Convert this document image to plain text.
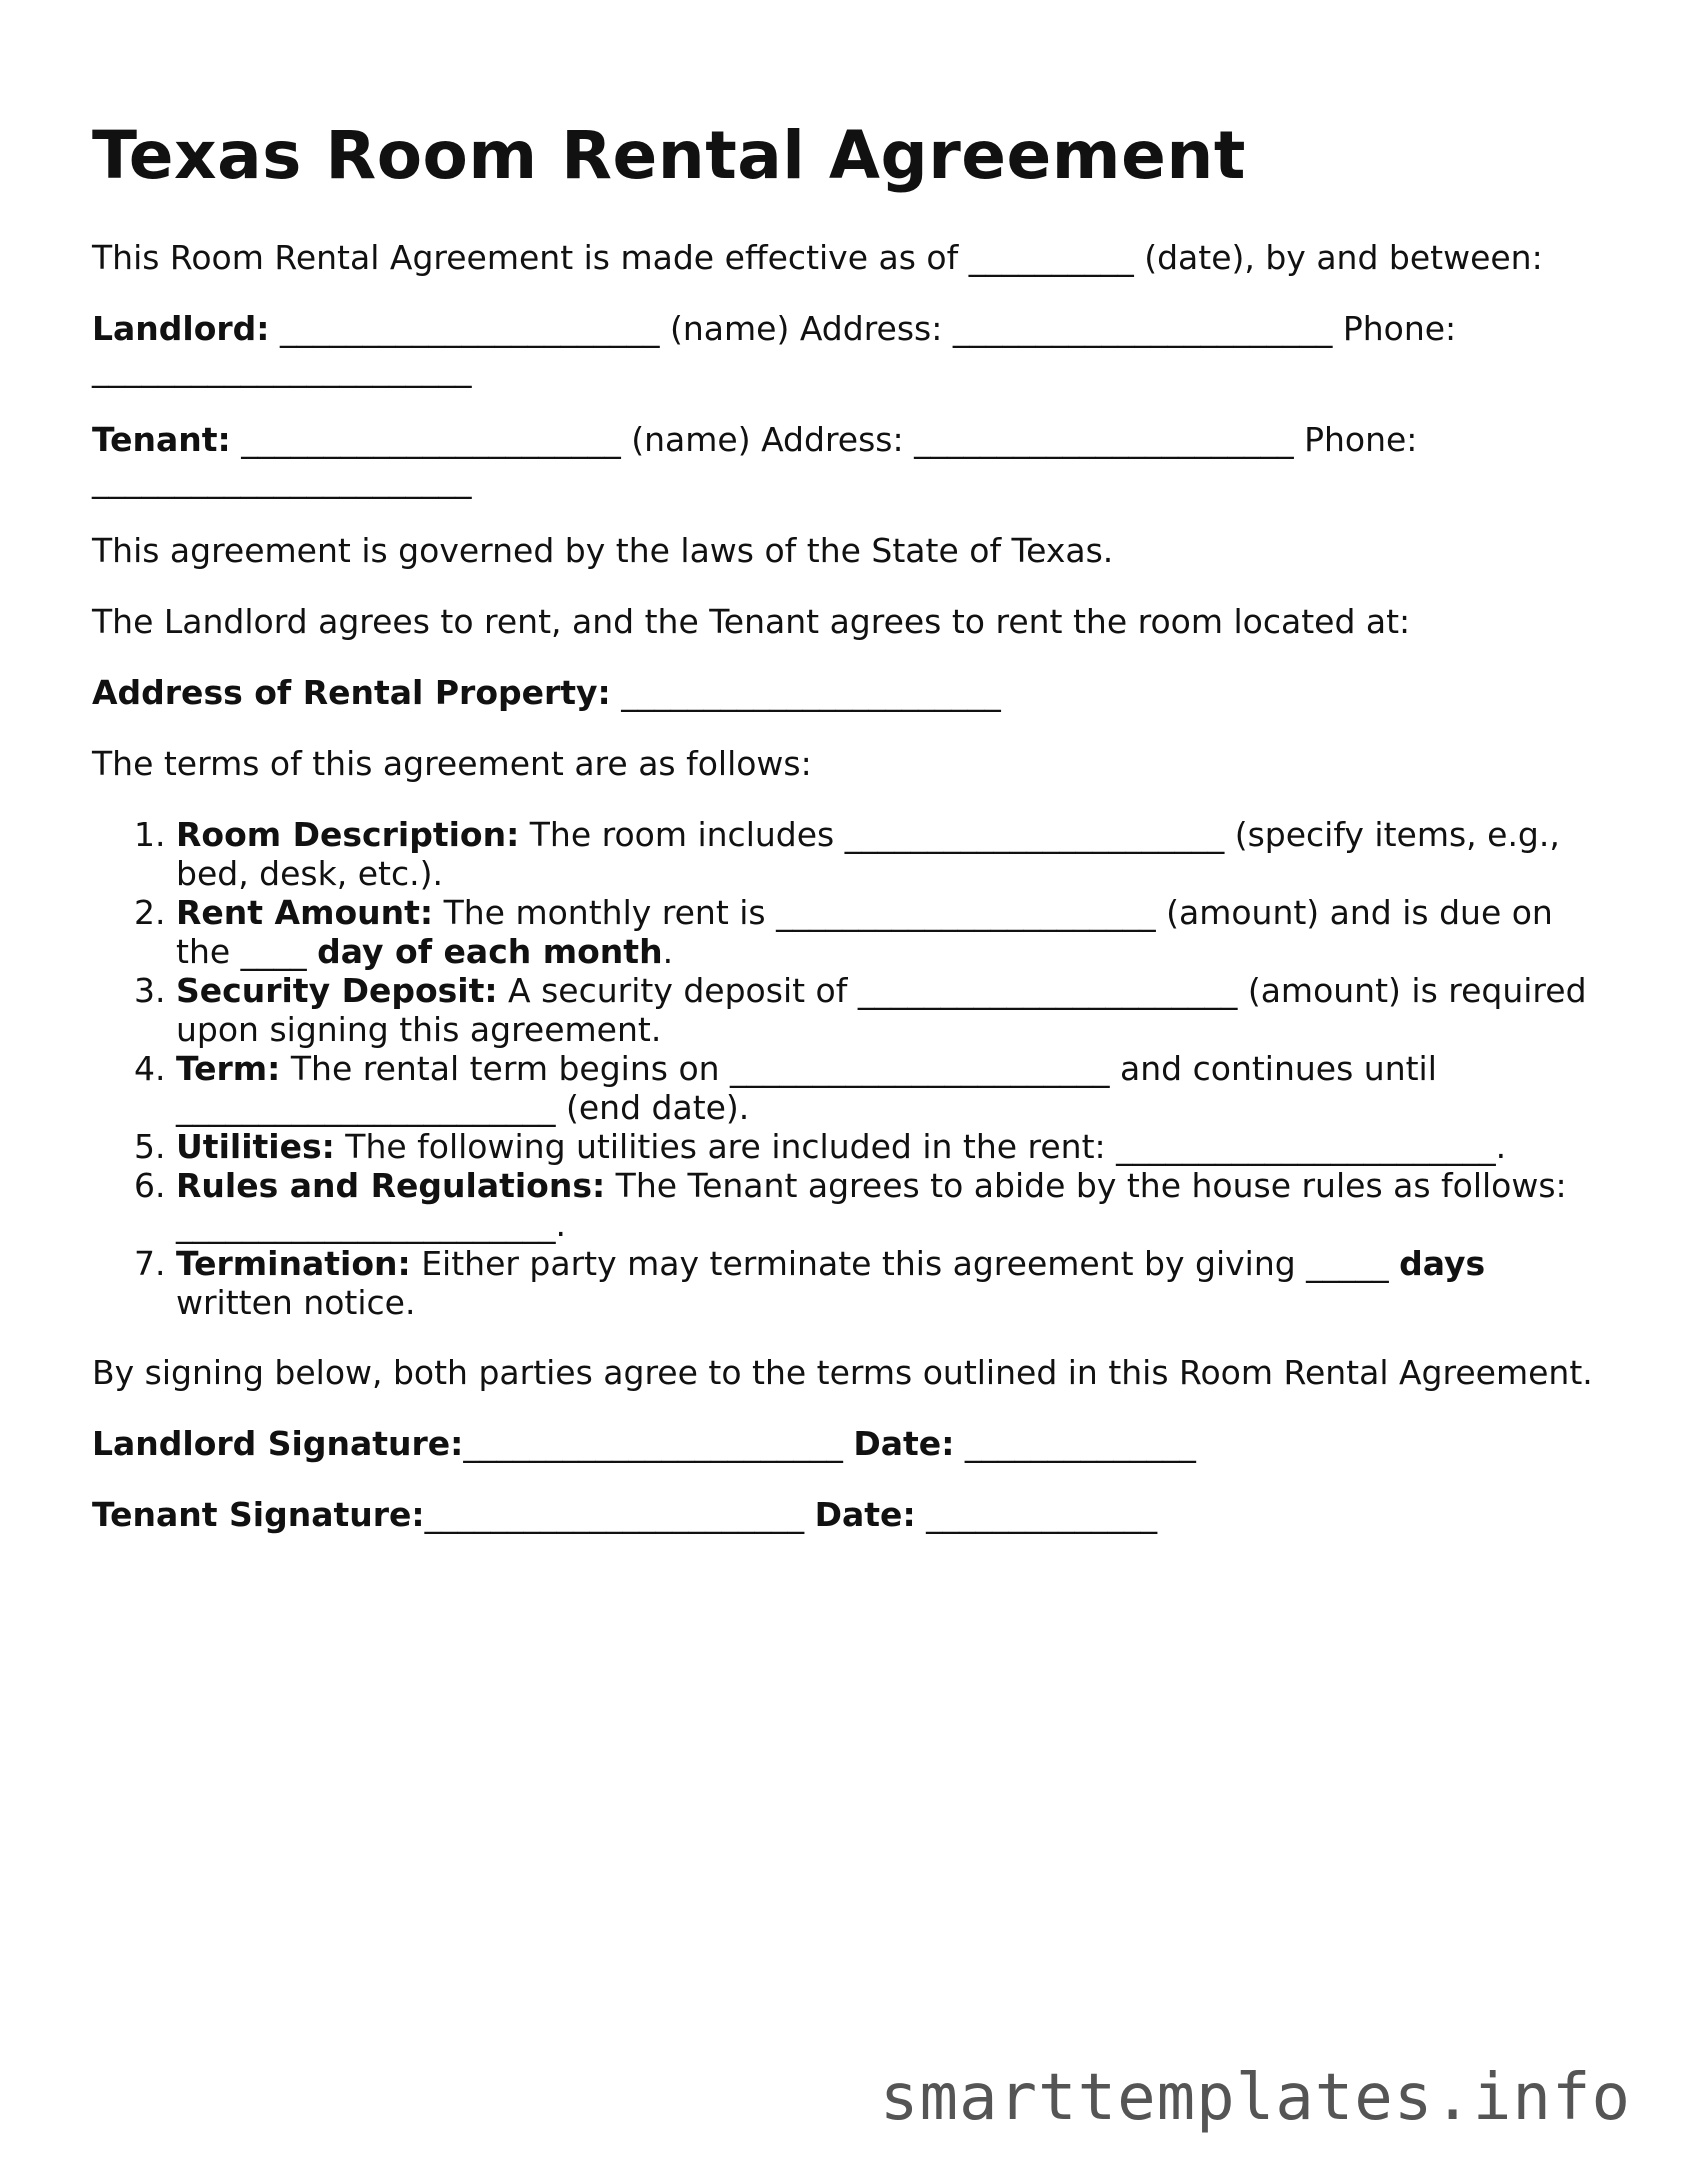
Texas Room Rental Agreement

This Room Rental Agreement is made effective as of __________ (date), by and between:

Landlord: _______________________ (name) Address: _______________________ Phone: _______________________

Tenant: _______________________ (name) Address: _______________________ Phone: _______________________

This agreement is governed by the laws of the State of Texas.

The Landlord agrees to rent, and the Tenant agrees to rent the room located at:

Address of Rental Property: _______________________

The terms of this agreement are as follows:

1. Room Description: The room includes _______________________ (specify items, e.g., bed, desk, etc.).
2. Rent Amount: The monthly rent is _______________________ (amount) and is due on the ____ day of each month.
3. Security Deposit: A security deposit of _______________________ (amount) is required upon signing this agreement.
4. Term: The rental term begins on _______________________ and continues until _______________________ (end date).
5. Utilities: The following utilities are included in the rent: _______________________.
6. Rules and Regulations: The Tenant agrees to abide by the house rules as follows: _______________________.
7. Termination: Either party may terminate this agreement by giving _____ days written notice.

By signing below, both parties agree to the terms outlined in this Room Rental Agreement.

Landlord Signature:_______________________ Date: ______________

Tenant Signature:_______________________ Date: ______________

smarttemplates.info
